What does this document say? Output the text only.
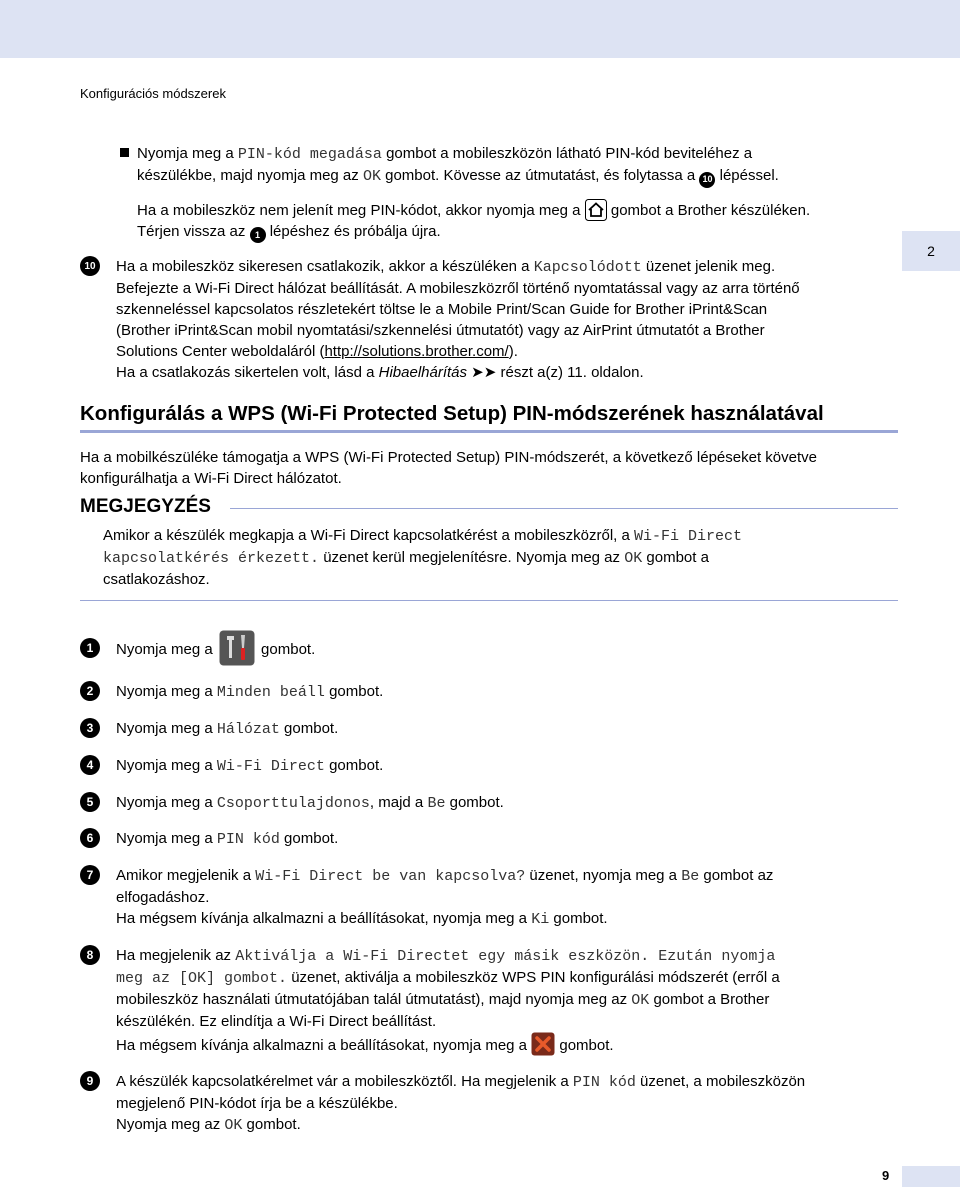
Konfigurációs módszerek
2
Nyomja meg a PIN-kód megadása gombot a mobileszközön látható PIN-kód beviteléhez a
készülékbe, majd nyomja meg az OK gombot. Kövesse az útmutatást, és folytassa a 10 lépéssel.
Ha a mobileszköz nem jelenít meg PIN-kódot, akkor nyomja meg a  gombot a Brother készüléken.
Térjen vissza az 1 lépéshez és próbálja újra.
10 Ha a mobileszköz sikeresen csatlakozik, akkor a készüléken a Kapcsolódott üzenet jelenik meg.
Befejezte a Wi-Fi Direct hálózat beállítását. A mobileszközről történő nyomtatással vagy az arra történő
szkenneléssel kapcsolatos részletekért töltse le a Mobile Print/Scan Guide for Brother iPrint&Scan
(Brother iPrint&Scan mobil nyomtatási/szkennelési útmutatót) vagy az AirPrint útmutatót a Brother
Solutions Center weboldaláról (http://solutions.brother.com/).
Ha a csatlakozás sikertelen volt, lásd a Hibaelhárítás ➤➤ részt a(z) 11. oldalon.
Konfigurálás a WPS (Wi-Fi Protected Setup) PIN-módszerének használatával
Ha a mobilkészüléke támogatja a WPS (Wi-Fi Protected Setup) PIN-módszerét, a következő lépéseket követve
konfigurálhatja a Wi-Fi Direct hálózatot.
MEGJEGYZÉS
Amikor a készülék megkapja a Wi-Fi Direct kapcsolatkérést a mobileszközről, a Wi-Fi Direct
kapcsolatkérés érkezett. üzenet kerül megjelenítésre. Nyomja meg az OK gombot a
csatlakozáshoz.
1	Nyomja meg a	gombot.
2	Nyomja meg a Minden beáll gombot.
3	Nyomja meg a Hálózat gombot.
4	Nyomja meg a Wi-Fi Direct gombot.
5	Nyomja meg a Csoporttulajdonos, majd a Be gombot.
6	Nyomja meg a PIN kód gombot.
7	Amikor megjelenik a Wi-Fi Direct be van kapcsolva? üzenet, nyomja meg a Be gombot az
elfogadáshoz.
Ha mégsem kívánja alkalmazni a beállításokat, nyomja meg a Ki gombot.
8	Ha megjelenik az Aktiválja a Wi-Fi Directet egy másik eszközön. Ezután nyomja
meg az [OK] gombot. üzenet, aktiválja a mobileszköz WPS PIN konfigurálási módszerét (erről a
mobileszköz használati útmutatójában talál útmutatást), majd nyomja meg az OK gombot a Brother
készülékén. Ez elindítja a Wi-Fi Direct beállítást.
Ha mégsem kívánja alkalmazni a beállításokat, nyomja meg a  gombot.
9	A készülék kapcsolatkérelmet vár a mobileszköztől. Ha megjelenik a PIN kód üzenet, a mobileszközön
megjelenő PIN-kódot írja be a készülékbe.
Nyomja meg az OK gombot.
9
